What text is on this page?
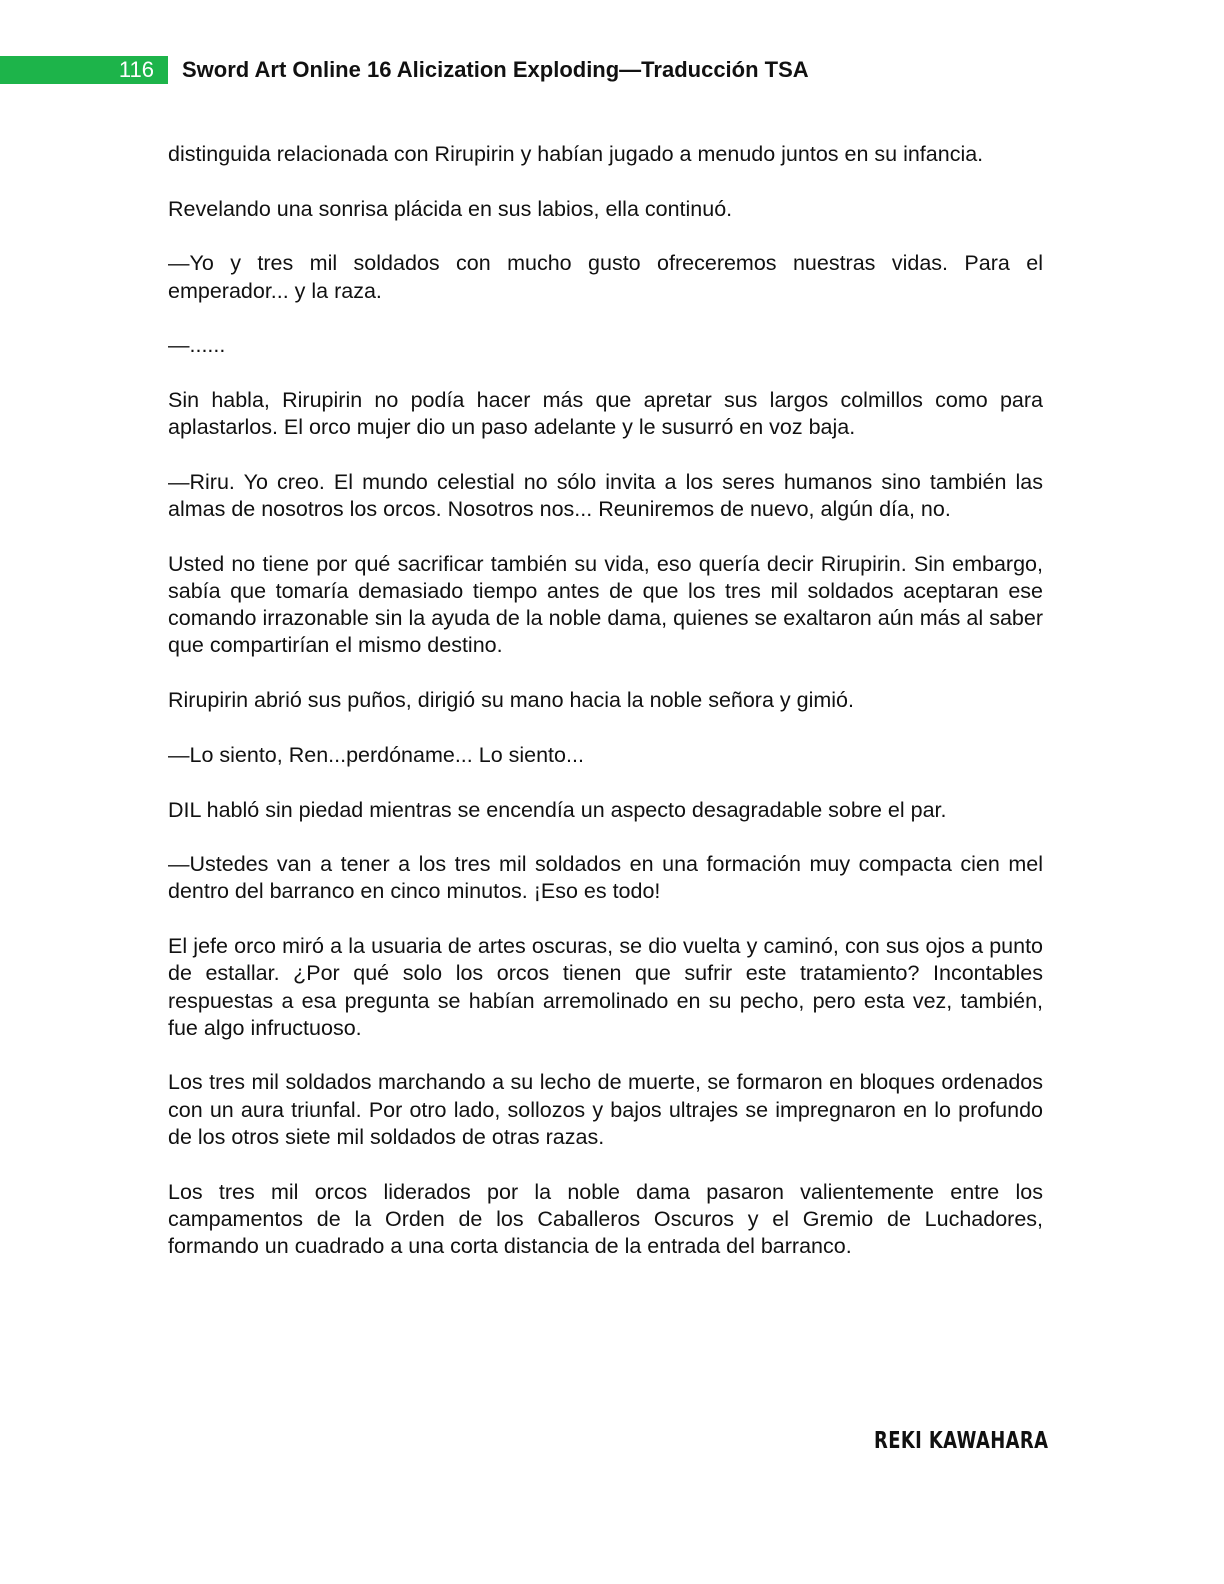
116	Sword Art Online 16 Alicization Exploding—Traducción TSA

distinguida relacionada con Rirupirin y habían jugado a menudo juntos en su infancia.

Revelando una sonrisa plácida en sus labios, ella continuó.

—Yo y tres mil soldados con mucho gusto ofreceremos nuestras vidas. Para el emperador... y la raza.

—......

Sin habla, Rirupirin no podía hacer más que apretar sus largos colmillos como para aplastarlos. El orco mujer dio un paso adelante y le susurró en voz baja.

—Riru. Yo creo. El mundo celestial no sólo invita a los seres humanos sino también las almas de nosotros los orcos. Nosotros nos... Reuniremos de nuevo, algún día, no.

Usted no tiene por qué sacrificar también su vida, eso quería decir Rirupirin. Sin embargo, sabía que tomaría demasiado tiempo antes de que los tres mil soldados aceptaran ese comando irrazonable sin la ayuda de la noble dama, quienes se exaltaron aún más al saber que compartirían el mismo destino.

Rirupirin abrió sus puños, dirigió su mano hacia la noble señora y gimió.

—Lo siento, Ren...perdóname... Lo siento...

DIL habló sin piedad mientras se encendía un aspecto desagradable sobre el par.

—Ustedes van a tener a los tres mil soldados en una formación muy compacta cien mel dentro del barranco en cinco minutos. ¡Eso es todo!

El jefe orco miró a la usuaria de artes oscuras, se dio vuelta y caminó, con sus ojos a punto de estallar. ¿Por qué solo los orcos tienen que sufrir este tratamiento? Incontables respuestas a esa pregunta se habían arremolinado en su pecho, pero esta vez, también, fue algo infructuoso.

Los tres mil soldados marchando a su lecho de muerte, se formaron en bloques ordenados con un aura triunfal. Por otro lado, sollozos y bajos ultrajes se impregnaron en lo profundo de los otros siete mil soldados de otras razas.

Los tres mil orcos liderados por la noble dama pasaron valientemente entre los campamentos de la Orden de los Caballeros Oscuros y el Gremio de Luchadores, formando un cuadrado a una corta distancia de la entrada del barranco.

REKI KAWAHARA
